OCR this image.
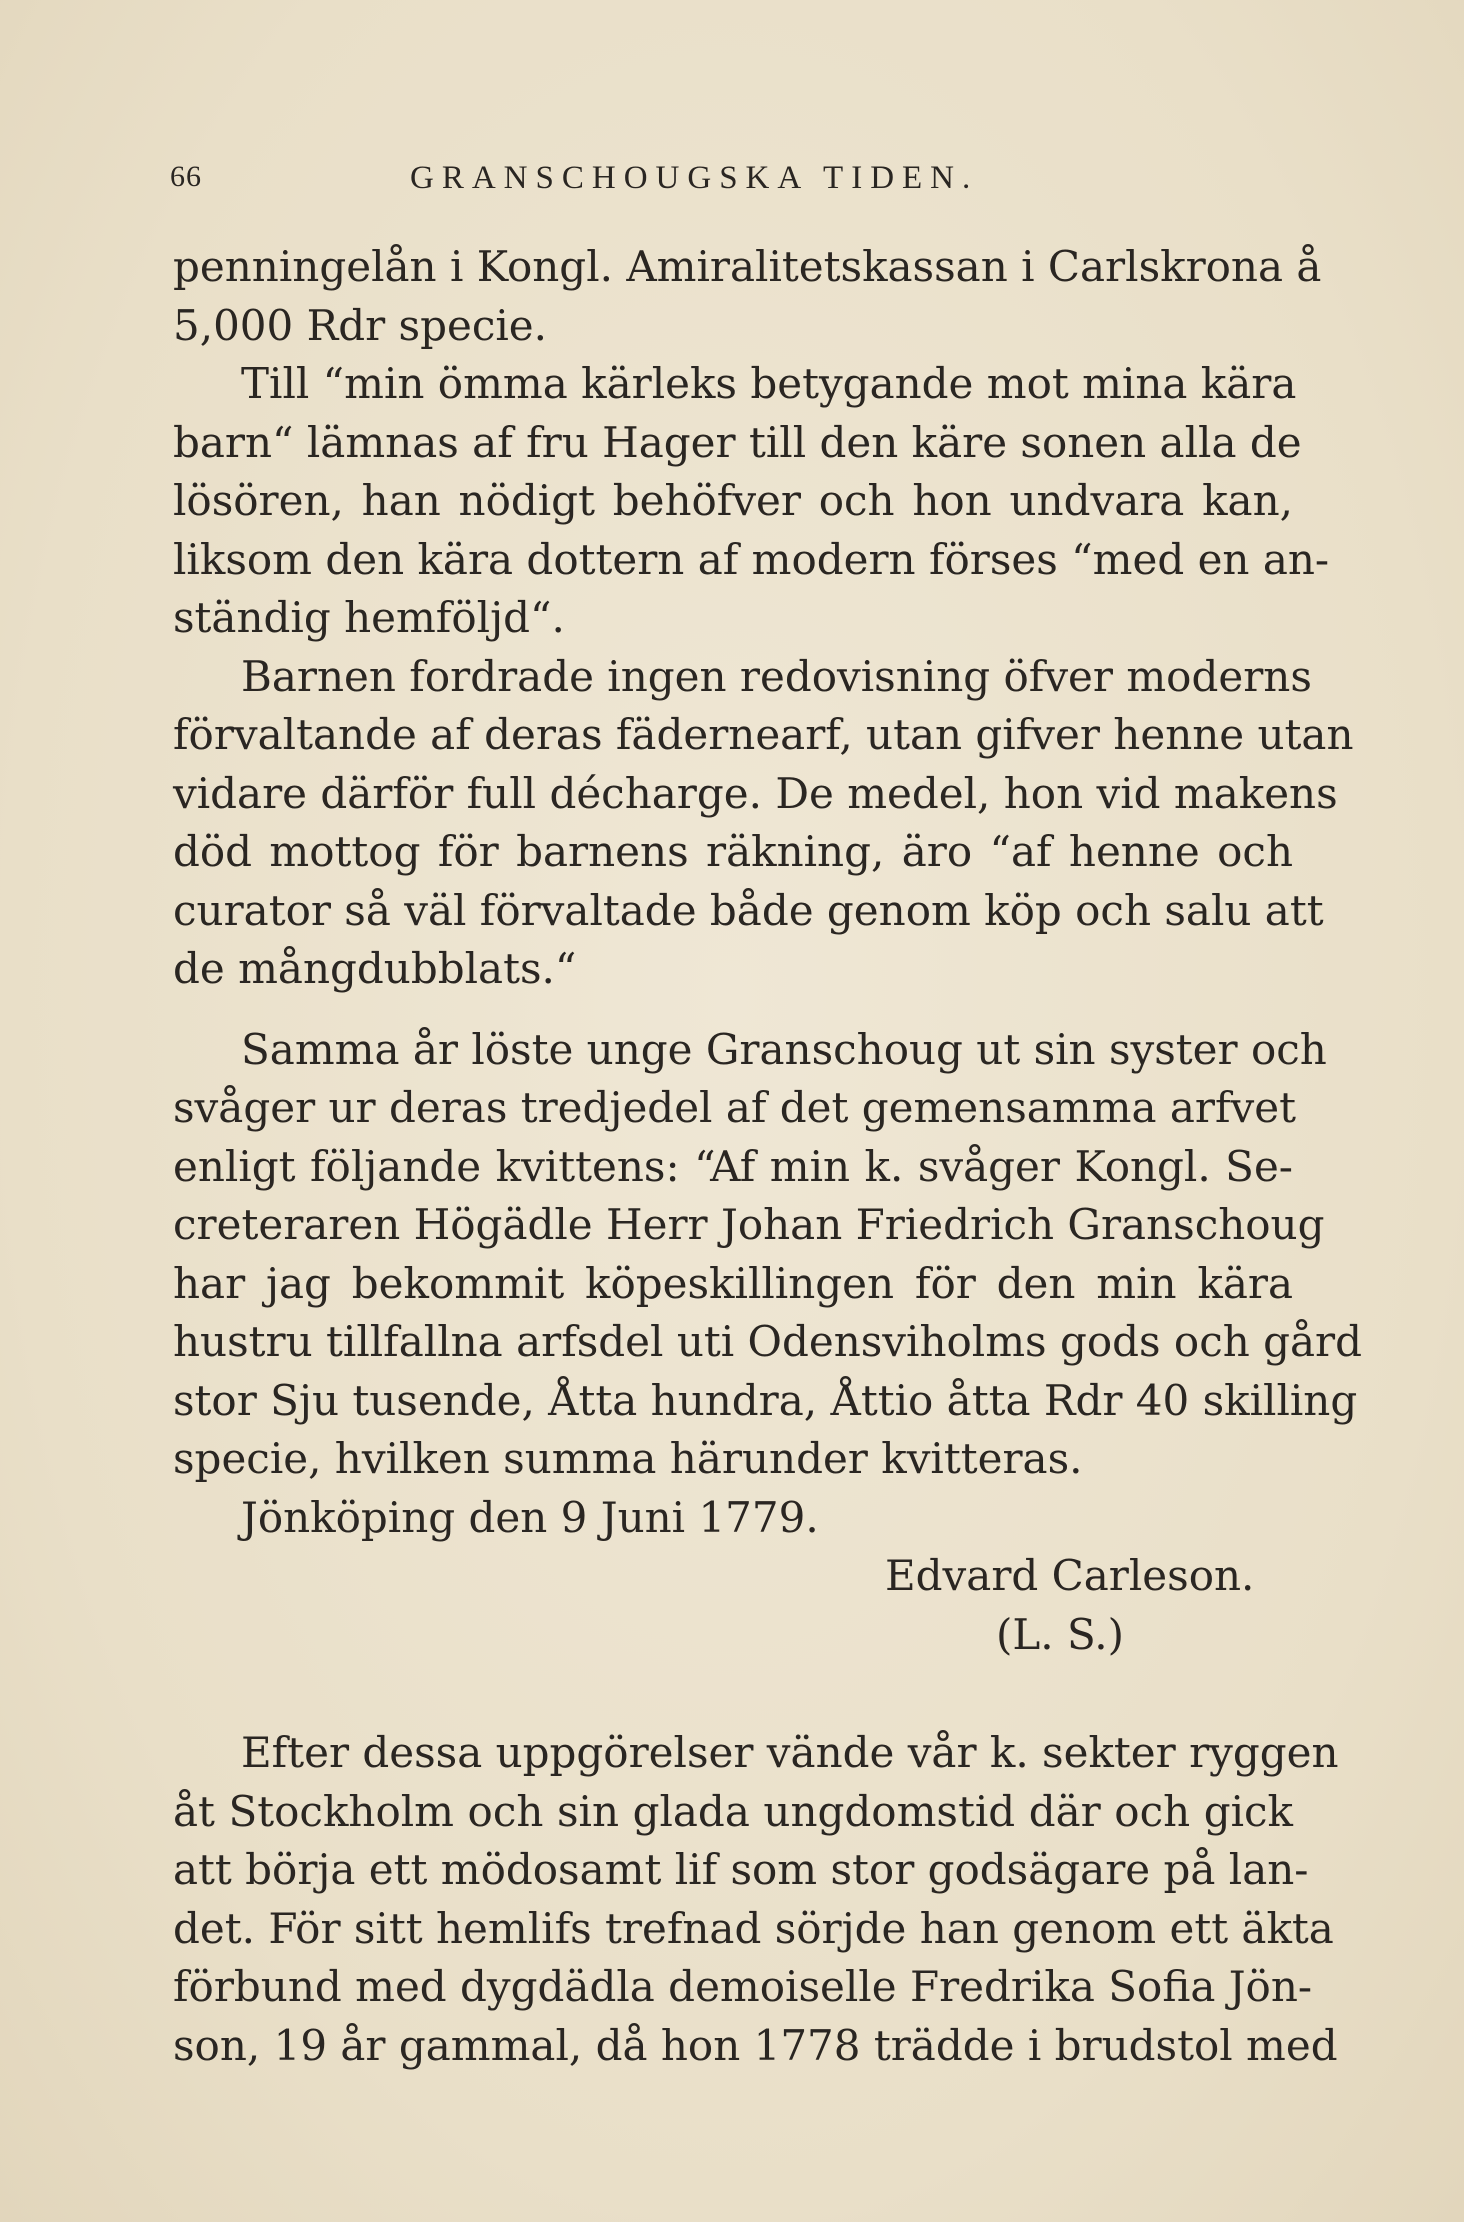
66	GRANSCHOUGSKA TIDEN.
penningelån i Kongl. Amiralitetskassan i Carlskrona å
5,000 Rdr specie.
Till “min ömma kärleks betygande mot mina kära
barn“ lämnas af fru Hager till den käre sonen alla de
lösören, han nödigt behöfver och hon undvara kan,
liksom den kära dottern af modern förses “med en an-
ständig hemföljd“.
Barnen fordrade ingen redovisning öfver moderns
förvaltande af deras fädernearf, utan gifver henne utan
vidare därför full décharge. De medel, hon vid makens
död mottog för barnens räkning, äro “af henne och
curator så väl förvaltade både genom köp och salu att
de mångdubblats.“
Samma år löste unge Granschoug ut sin syster och
svåger ur deras tredjedel af det gemensamma arfvet
enligt följande kvittens: “Af min k. svåger Kongl. Se-
creteraren Högädle Herr Johan Friedrich Granschoug
har jag bekommit köpeskillingen för den min kära
hustru tillfallna arfsdel uti Odensviholms gods och gård
stor Sju tusende, Åtta hundra, Åttio åtta Rdr 40 skilling
specie, hvilken summa härunder kvitteras.
Jönköping den 9 Juni 1779.
Edvard Carleson.
(L. S.)
Efter dessa uppgörelser vände vår k. sekter ryggen
åt Stockholm och sin glada ungdomstid där och gick
att börja ett mödosamt lif som stor godsägare på lan-
det. För sitt hemlifs trefnad sörjde han genom ett äkta
förbund med dygdädla demoiselle Fredrika Sofia Jön-
son, 19 år gammal, då hon 1778 trädde i brudstol med
